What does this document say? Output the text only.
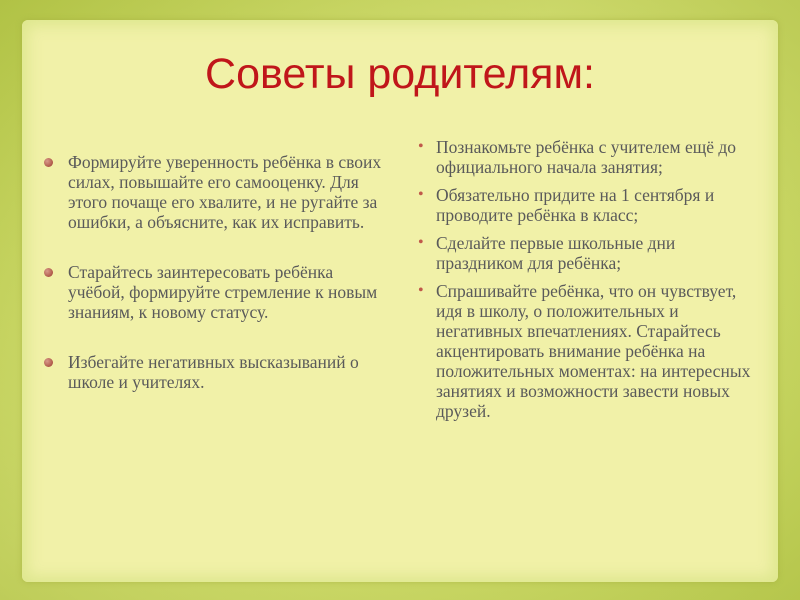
Советы родителям:
Формируйте уверенность ребёнка в своих силах, повышайте его самооценку. Для этого почаще его хвалите, и не ругайте за ошибки, а объясните, как их исправить.
Старайтесь заинтересовать ребёнка учёбой, формируйте стремление к новым знаниям, к новому статусу.
Избегайте негативных высказываний о школе и учителях.
• Познакомьте ребёнка с учителем ещё до официального начала занятия;
• Обязательно придите на 1 сентября и проводите ребёнка в класс;
• Сделайте первые школьные дни праздником для ребёнка;
• Спрашивайте ребёнка, что он чувствует, идя в школу, о положительных и негативных впечатлениях. Старайтесь акцентировать внимание ребёнка на положительных моментах: на интересных занятиях и возможности завести новых друзей.
